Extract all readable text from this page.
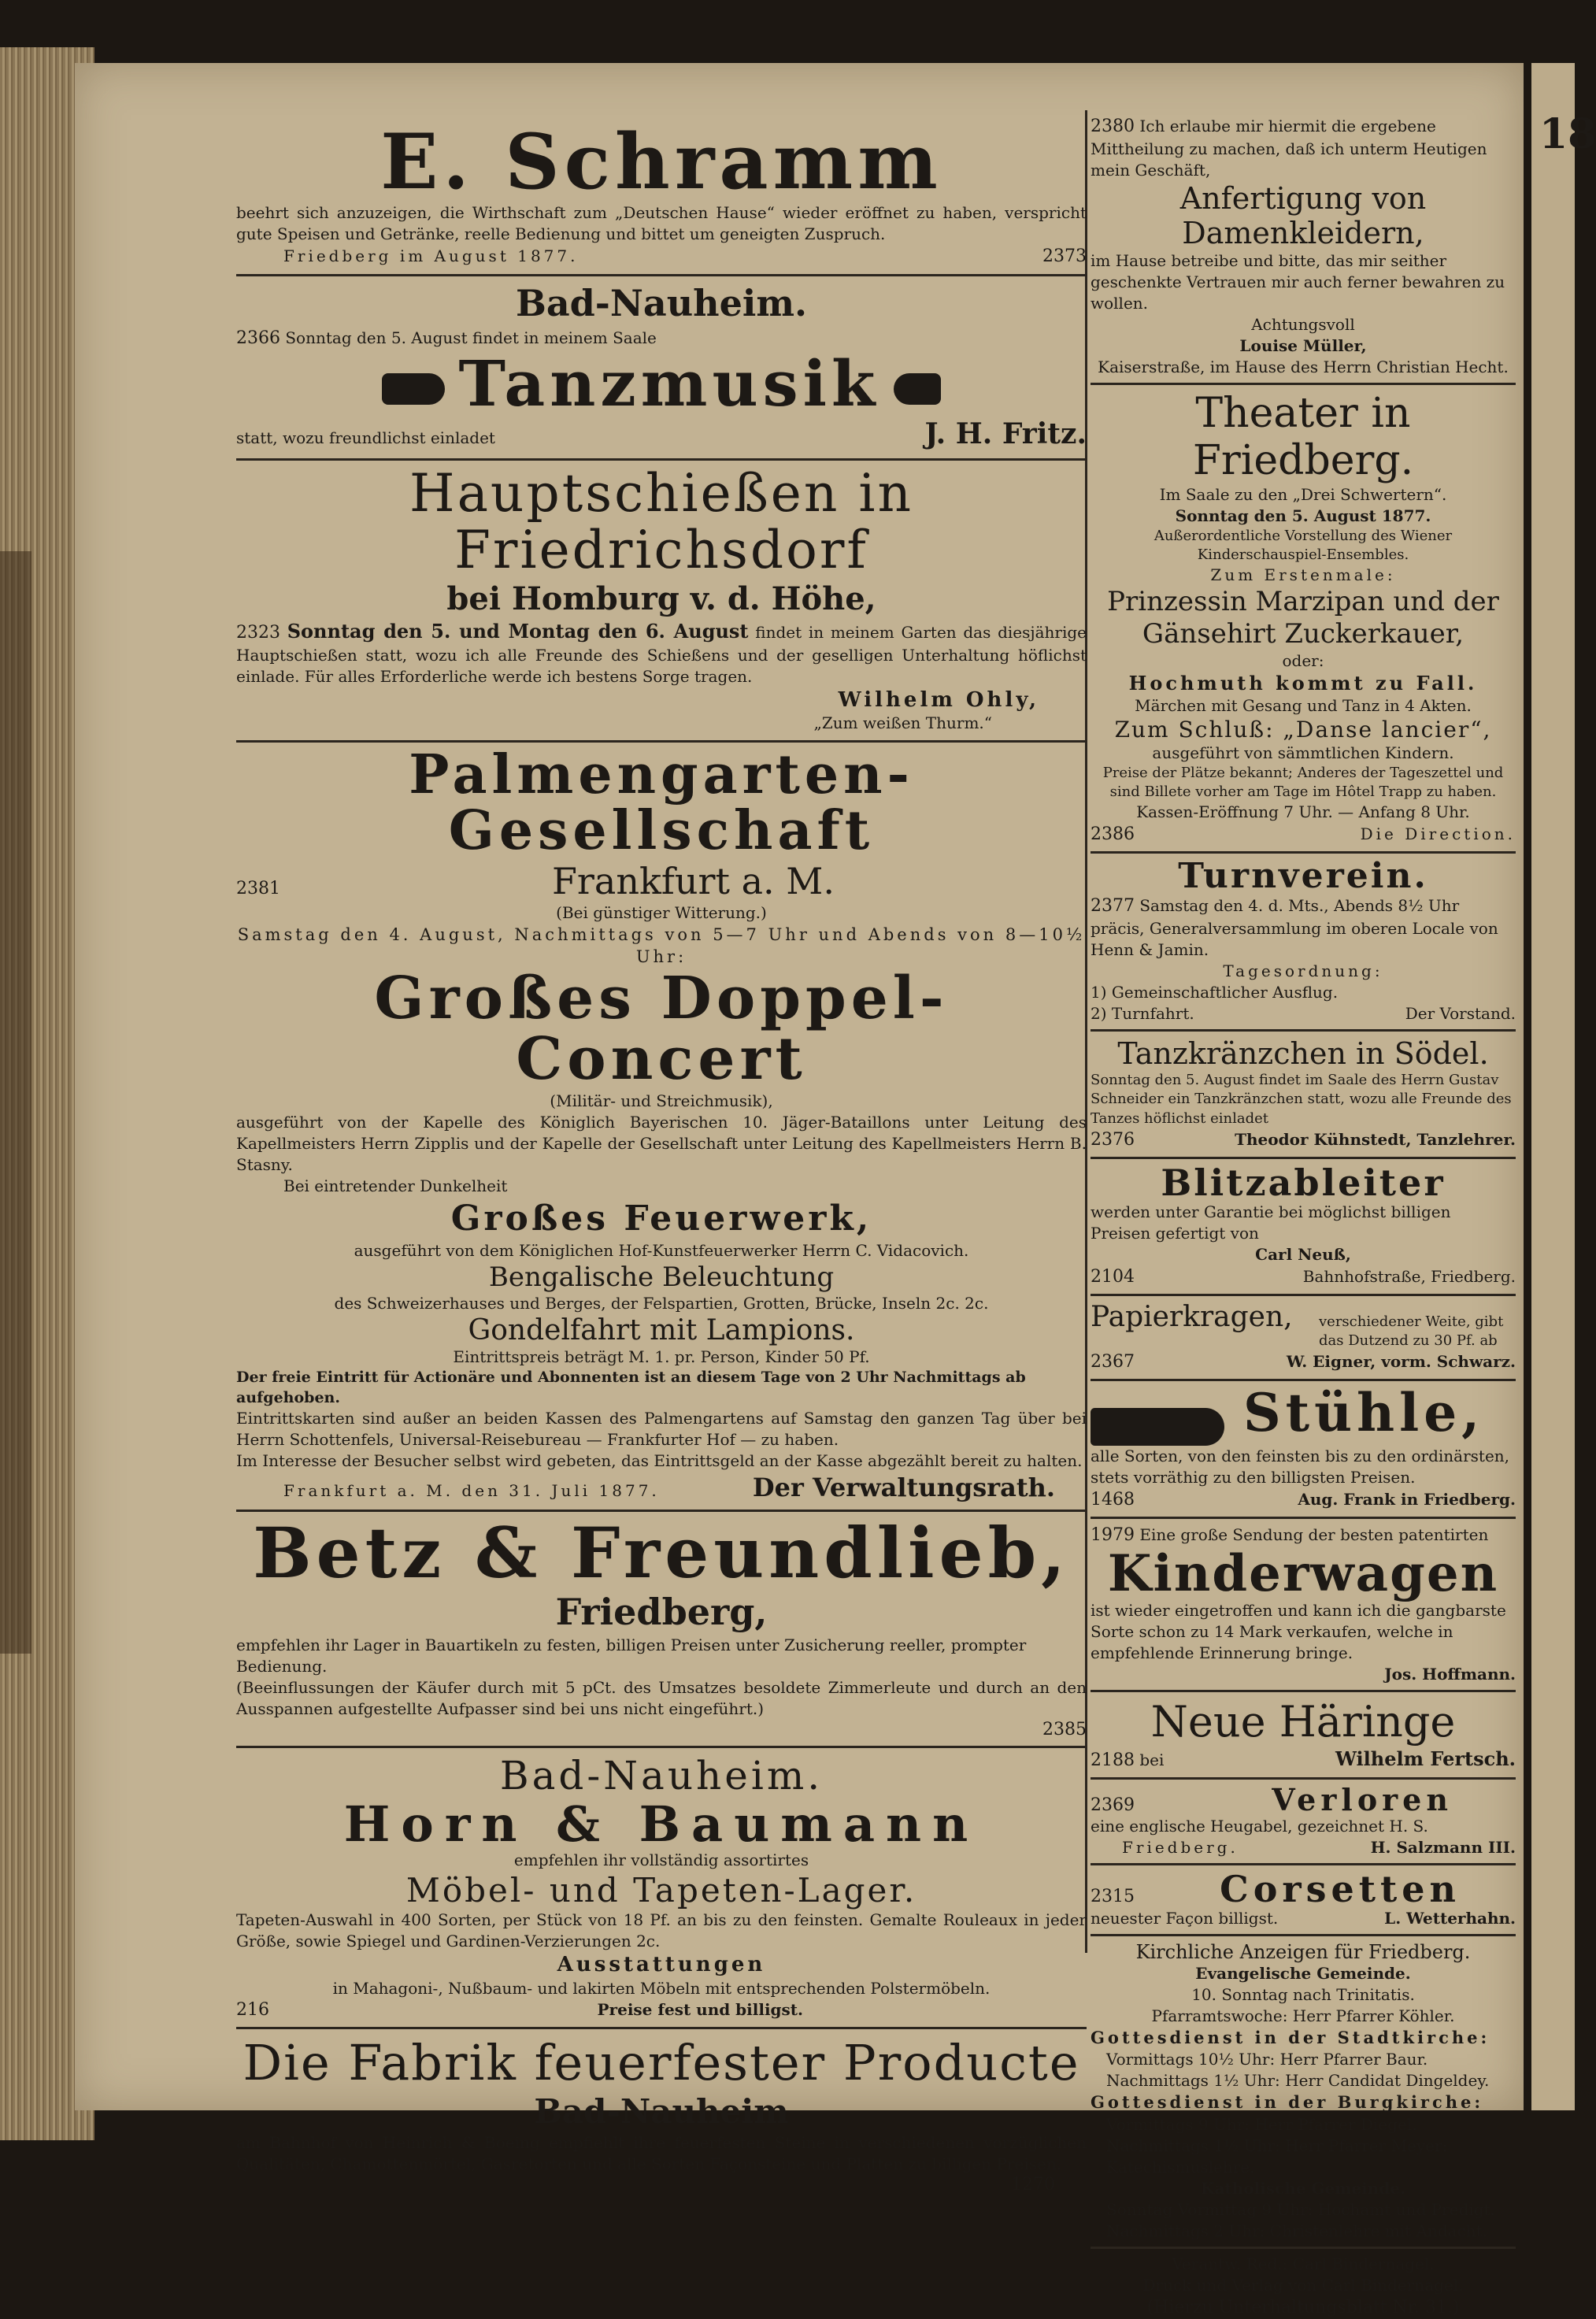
18
E. Schramm
beehrt sich anzuzeigen, die Wirthschaft zum „Deutschen Hause“ wieder eröffnet zu haben, verspricht gute Speisen und Getränke, reelle Bedienung und bittet um geneigten Zuspruch.
Friedberg im August 1877.	2373
Bad-Nauheim.
2366 Sonntag den 5. August findet in meinem Saale
Tanzmusik
statt, wozu freundlichst einladet	J. H. Fritz.
Hauptschießen in Friedrichsdorf
bei Homburg v. d. Höhe,
2323 Sonntag den 5. und Montag den 6. August findet in meinem Garten das diesjährige Hauptschießen statt, wozu ich alle Freunde des Schießens und der geselligen Unterhaltung höflichst einlade. Für alles Erforderliche werde ich bestens Sorge tragen.
Wilhelm Ohly,
„Zum weißen Thurm.“
Palmengarten-Gesellschaft
2381	Frankfurt a. M.
(Bei günstiger Witterung.)
Samstag den 4. August, Nachmittags von 5—7 Uhr und Abends von 8—10½ Uhr:
Großes Doppel-Concert
(Militär- und Streichmusik),
ausgeführt von der Kapelle des Königlich Bayerischen 10. Jäger-Bataillons unter Leitung des Kapellmeisters Herrn Zipplis und der Kapelle der Gesellschaft unter Leitung des Kapellmeisters Herrn B. Stasny.
Bei eintretender Dunkelheit
Großes Feuerwerk,
ausgeführt von dem Königlichen Hof-Kunstfeuerwerker Herrn C. Vidacovich.
Bengalische Beleuchtung
des Schweizerhauses und Berges, der Felspartien, Grotten, Brücke, Inseln 2c. 2c.
Gondelfahrt mit Lampions.
Eintrittspreis beträgt M. 1. pr. Person, Kinder 50 Pf.
Der freie Eintritt für Actionäre und Abonnenten ist an diesem Tage von 2 Uhr Nachmittags ab aufgehoben.
Eintrittskarten sind außer an beiden Kassen des Palmengartens auf Samstag den ganzen Tag über bei Herrn Schottenfels, Universal-Reisebureau — Frankfurter Hof — zu haben.
Im Interesse der Besucher selbst wird gebeten, das Eintrittsgeld an der Kasse abgezählt bereit zu halten.
Frankfurt a. M. den 31. Juli 1877.	Der Verwaltungsrath.
Betz & Freundlieb,
Friedberg,
empfehlen ihr Lager in Bauartikeln zu festen, billigen Preisen unter Zusicherung reeller, prompter Bedienung.
(Beeinflussungen der Käufer durch mit 5 pCt. des Umsatzes besoldete Zimmerleute und durch an den Ausspannen aufgestellte Aufpasser sind bei uns nicht eingeführt.)
2385
Bad-Nauheim.
Horn & Baumann
empfehlen ihr vollständig assortirtes
Möbel- und Tapeten-Lager.
Tapeten-Auswahl in 400 Sorten, per Stück von 18 Pf. an bis zu den feinsten. Gemalte Rouleaux in jeder Größe, sowie Spiegel und Gardinen-Verzierungen 2c.
Ausstattungen
in Mahagoni-, Nußbaum- und lakirten Möbeln mit entsprechenden Polstermöbeln.
216	Preise fest und billigst.
Die Fabrik feuerfester Producte
Bad-Nauheim
am Bahnhof von Heinrich & Boeing empfiehlt ihre feuerfesten Steine in verschiedenen vorzüglichen Qualitäten, Chamottenmörtel, Gasretorten und alle Sorten Façonsteine und Platten zu billigen Preisen.
1270
2380 Ich erlaube mir hiermit die ergebene Mittheilung zu machen, daß ich unterm Heutigen mein Geschäft,
Anfertigung von Damenkleidern,
im Hause betreibe und bitte, das mir seither geschenkte Vertrauen mir auch ferner bewahren zu wollen.
Achtungsvoll
Louise Müller,
Kaiserstraße, im Hause des Herrn Christian Hecht.
Theater in Friedberg.
Im Saale zu den „Drei Schwertern“.
Sonntag den 5. August 1877.
Außerordentliche Vorstellung des Wiener Kinderschauspiel-Ensembles.
Zum Erstenmale:
Prinzessin Marzipan und der Gänsehirt Zuckerkauer,
oder:
Hochmuth kommt zu Fall.
Märchen mit Gesang und Tanz in 4 Akten.
Zum Schluß: „Danse lancier“,
ausgeführt von sämmtlichen Kindern.
Preise der Plätze bekannt; Anderes der Tageszettel und sind Billete vorher am Tage im Hôtel Trapp zu haben.
Kassen-Eröffnung 7 Uhr. — Anfang 8 Uhr.
2386	Die Direction.
Turnverein.
2377 Samstag den 4. d. Mts., Abends 8½ Uhr präcis, Generalversammlung im oberen Locale von Henn & Jamin.
Tagesordnung:
1) Gemeinschaftlicher Ausflug.
2) Turnfahrt.	Der Vorstand.
Tanzkränzchen in Södel.
Sonntag den 5. August findet im Saale des Herrn Gustav Schneider ein Tanzkränzchen statt, wozu alle Freunde des Tanzes höflichst einladet
2376	Theodor Kühnstedt, Tanzlehrer.
Blitzableiter
werden unter Garantie bei möglichst billigen Preisen gefertigt von
Carl Neuß,
2104	Bahnhofstraße, Friedberg.
Papierkragen, verschiedener Weite, gibt das Dutzend zu 30 Pf. ab
2367	W. Eigner, vorm. Schwarz.
Stühle,
alle Sorten, von den feinsten bis zu den ordinärsten, stets vorräthig zu den billigsten Preisen.
1468	Aug. Frank in Friedberg.
1979 Eine große Sendung der besten patentirten
Kinderwagen
ist wieder eingetroffen und kann ich die gangbarste Sorte schon zu 14 Mark verkaufen, welche in empfehlende Erinnerung bringe.
Jos. Hoffmann.
Neue Häringe
2188 bei	Wilhelm Fertsch.
2369	Verloren
eine englische Heugabel, gezeichnet H. S.
Friedberg.	H. Salzmann III.
2315 Corsetten
neuester Façon billigst.	L. Wetterhahn.
Kirchliche Anzeigen für Friedberg.
Evangelische Gemeinde.
10. Sonntag nach Trinitatis.
Pfarramtswoche: Herr Pfarrer Köhler.
Gottesdienst in der Stadtkirche:
Vormittags 10½ Uhr: Herr Pfarrer Baur.
Nachmittags 1½ Uhr: Herr Candidat Dingeldey.
Gottesdienst in der Burgkirche:
Vormittags 9 Uhr: Herr Pfarrer Diegel.
Nachmittags 1½ Uhr: Herr Pfarrer Meyer: Katechismuslehre.
Katholische Gemeinde.
Sonntag Vormittag 9 Uhr: Hochamt und Predigt.
Nachmittags 2 Uhr: Christenlehre mit Andacht.
Verantw. Red.: Carl Bindernagel.
Druck und Verlag von Carl Bindernagel.
(Hierzu Unterhaltungsblatt Nr. 31.)
